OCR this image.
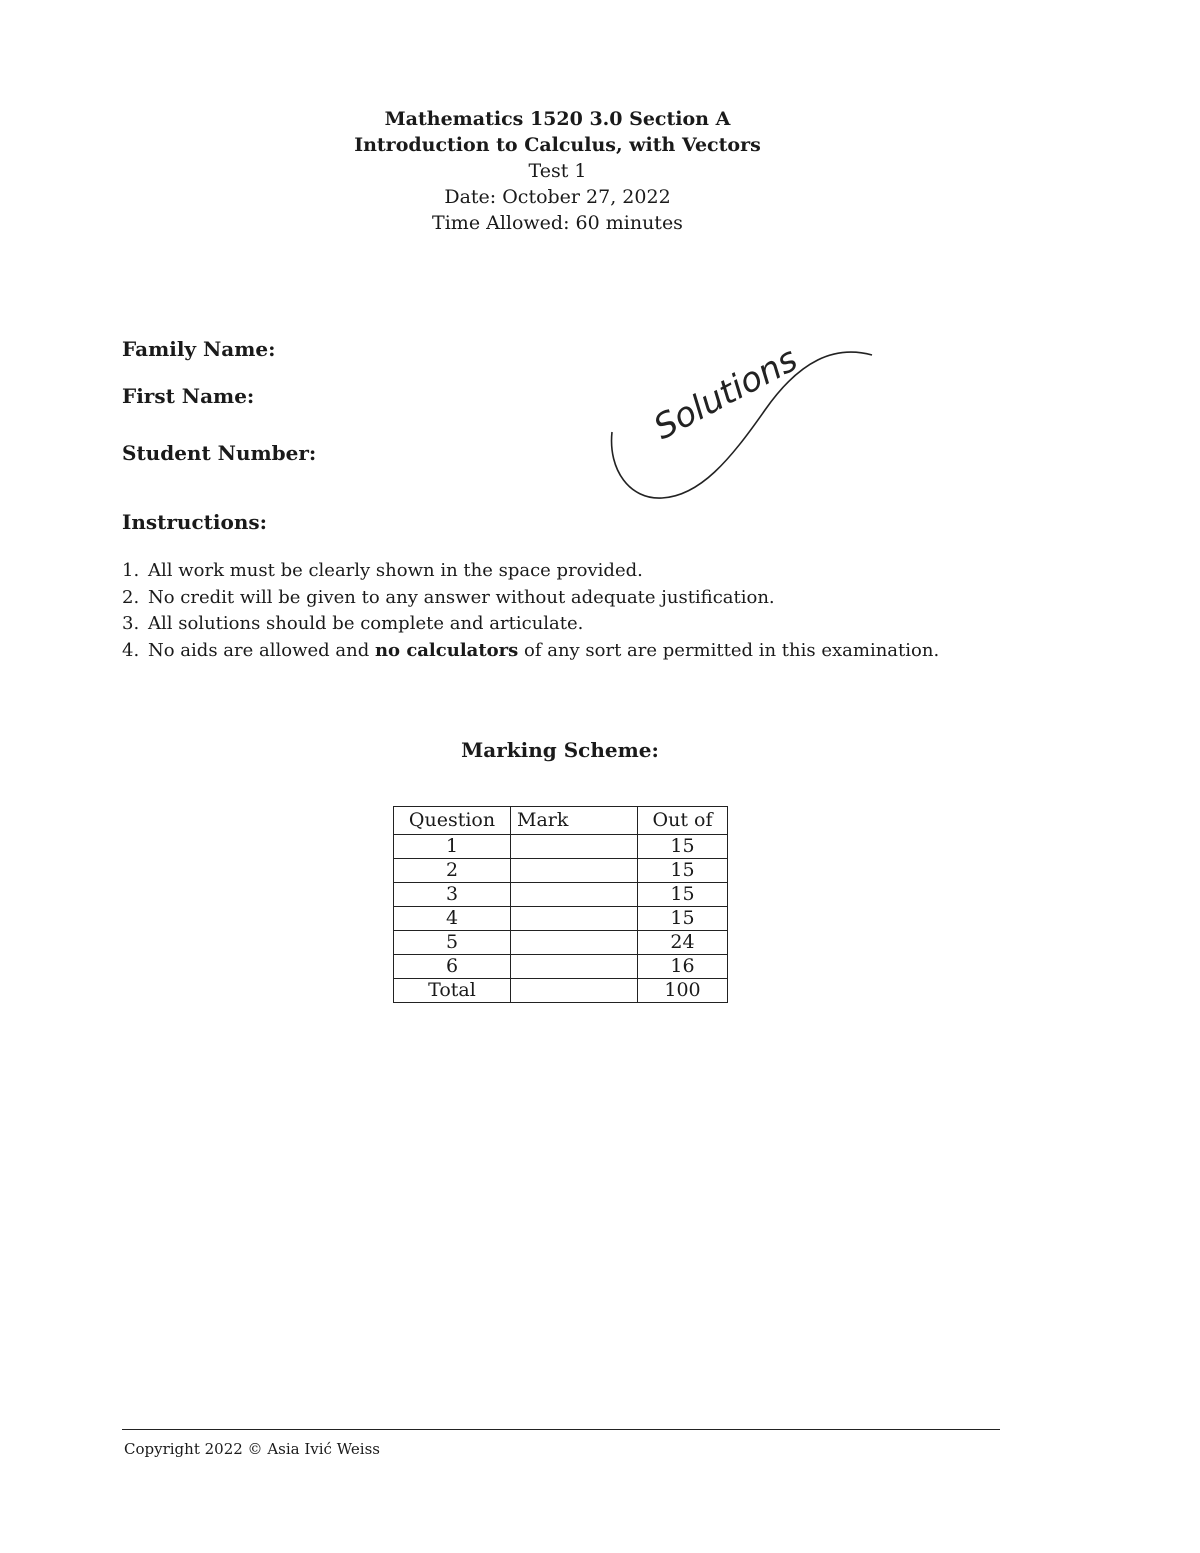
Mathematics 1520 3.0 Section A
Introduction to Calculus, with Vectors
Test 1
Date: October 27, 2022
Time Allowed: 60 minutes
Family Name:
First Name:
Student Number:
Solutions
Instructions:
1. All work must be clearly shown in the space provided.
2. No credit will be given to any answer without adequate justification.
3. All solutions should be complete and articulate.
4. No aids are allowed and no calculators of any sort are permitted in this examination.
Marking Scheme:
Question	Mark	Out of
1		15
2		15
3		15
4		15
5		24
6		16
Total		100
Copyright 2022 © Asia Ivić Weiss
